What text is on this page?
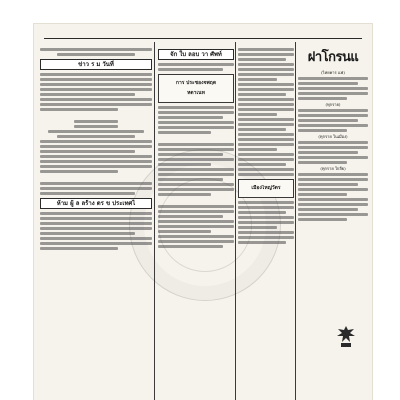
ข่าว ร ม วันที่
ห้าม ผู้ ล ลร้าง ดร ข ประเทศไ
จัก ใบ ลอบ วา ศัพท์
การ ประชองจพฤด
หดาเนท
เมืองไหญ่วัตร
ฝาโกรนแ
(ไทยคาร แฟ)
(ทุกราย)
(ทุกราย ในเมือง)
(ทุกราย ใกลีย)
